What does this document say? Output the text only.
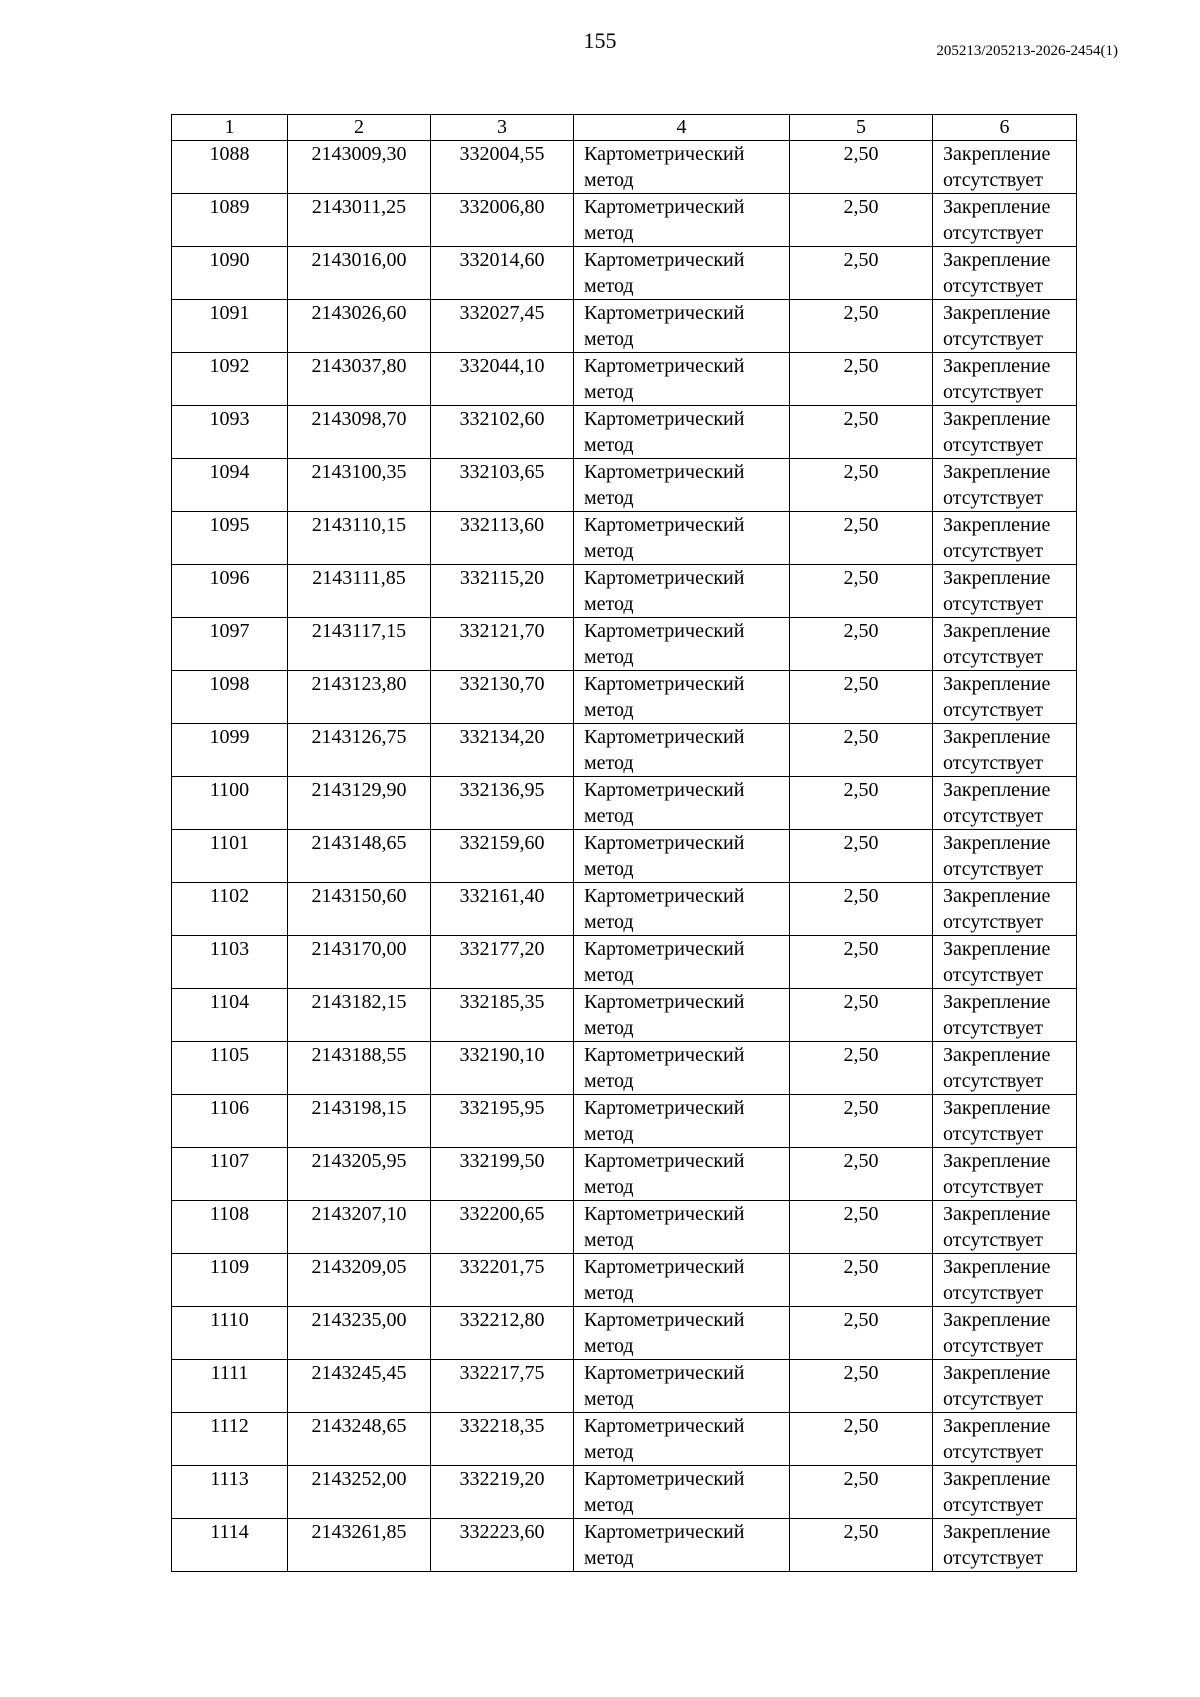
155	205213/205213-2026-2454(1)
1	2	3	4	5	6
1088	2143009,30	332004,55	Картометрический метод	2,50	Закрепление отсутствует
1089	2143011,25	332006,80	Картометрический метод	2,50	Закрепление отсутствует
1090	2143016,00	332014,60	Картометрический метод	2,50	Закрепление отсутствует
1091	2143026,60	332027,45	Картометрический метод	2,50	Закрепление отсутствует
1092	2143037,80	332044,10	Картометрический метод	2,50	Закрепление отсутствует
1093	2143098,70	332102,60	Картометрический метод	2,50	Закрепление отсутствует
1094	2143100,35	332103,65	Картометрический метод	2,50	Закрепление отсутствует
1095	2143110,15	332113,60	Картометрический метод	2,50	Закрепление отсутствует
1096	2143111,85	332115,20	Картометрический метод	2,50	Закрепление отсутствует
1097	2143117,15	332121,70	Картометрический метод	2,50	Закрепление отсутствует
1098	2143123,80	332130,70	Картометрический метод	2,50	Закрепление отсутствует
1099	2143126,75	332134,20	Картометрический метод	2,50	Закрепление отсутствует
1100	2143129,90	332136,95	Картометрический метод	2,50	Закрепление отсутствует
1101	2143148,65	332159,60	Картометрический метод	2,50	Закрепление отсутствует
1102	2143150,60	332161,40	Картометрический метод	2,50	Закрепление отсутствует
1103	2143170,00	332177,20	Картометрический метод	2,50	Закрепление отсутствует
1104	2143182,15	332185,35	Картометрический метод	2,50	Закрепление отсутствует
1105	2143188,55	332190,10	Картометрический метод	2,50	Закрепление отсутствует
1106	2143198,15	332195,95	Картометрический метод	2,50	Закрепление отсутствует
1107	2143205,95	332199,50	Картометрический метод	2,50	Закрепление отсутствует
1108	2143207,10	332200,65	Картометрический метод	2,50	Закрепление отсутствует
1109	2143209,05	332201,75	Картометрический метод	2,50	Закрепление отсутствует
1110	2143235,00	332212,80	Картометрический метод	2,50	Закрепление отсутствует
1111	2143245,45	332217,75	Картометрический метод	2,50	Закрепление отсутствует
1112	2143248,65	332218,35	Картометрический метод	2,50	Закрепление отсутствует
1113	2143252,00	332219,20	Картометрический метод	2,50	Закрепление отсутствует
1114	2143261,85	332223,60	Картометрический метод	2,50	Закрепление отсутствует
